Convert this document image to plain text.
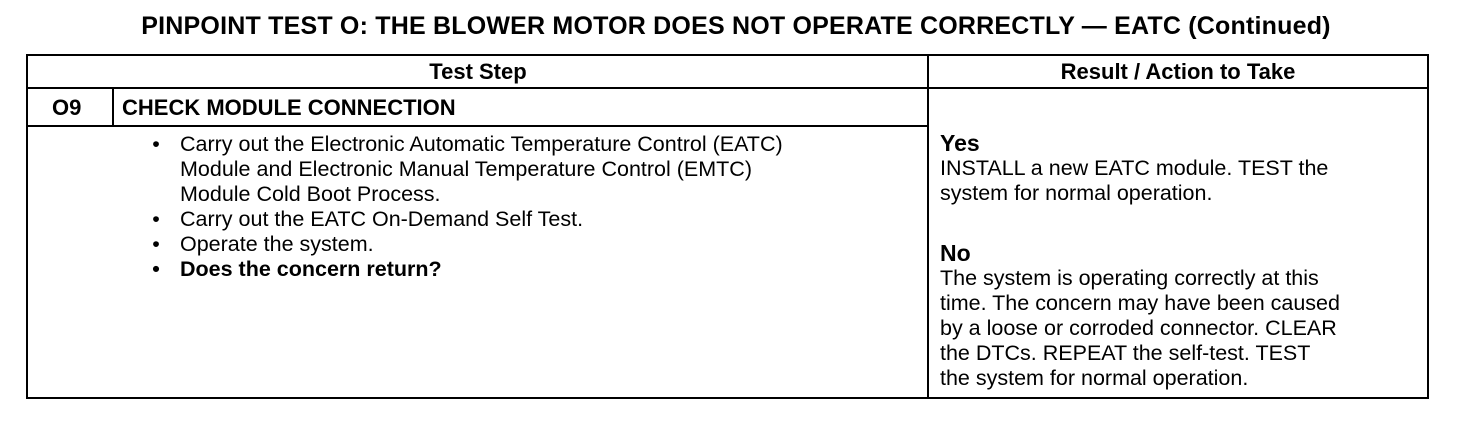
PINPOINT TEST O: THE BLOWER MOTOR DOES NOT OPERATE CORRECTLY — EATC (Continued)
Test Step	Result / Action to Take
O9 CHECK MODULE CONNECTION
• Carry out the Electronic Automatic Temperature Control (EATC)
Module and Electronic Manual Temperature Control (EMTC)
Module Cold Boot Process.
• Carry out the EATC On-Demand Self Test.
• Operate the system.
• Does the concern return?
Yes
INSTALL a new EATC module. TEST the
system for normal operation.
No
The system is operating correctly at this
time. The concern may have been caused
by a loose or corroded connector. CLEAR
the DTCs. REPEAT the self-test. TEST
the system for normal operation.
